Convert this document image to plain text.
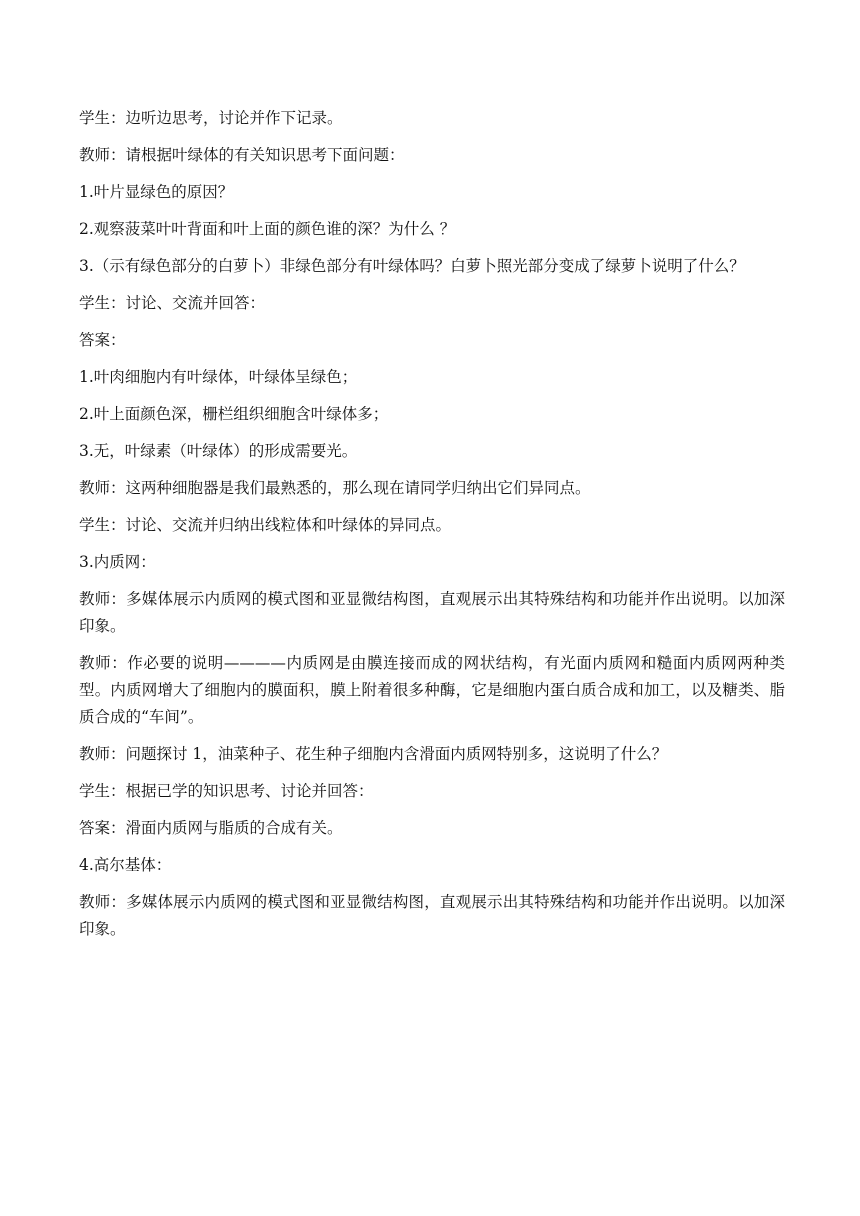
学生：边听边思考，讨论并作下记录。

教师：请根据叶绿体的有关知识思考下面问题：

1.叶片显绿色的原因？

2.观察菠菜叶叶背面和叶上面的颜色谁的深？为什么 ？

3.（示有绿色部分的白萝卜）非绿色部分有叶绿体吗？白萝卜照光部分变成了绿萝卜说明了什么？

学生：讨论、交流并回答：

答案：

1.叶肉细胞内有叶绿体，叶绿体呈绿色；

2.叶上面颜色深，栅栏组织细胞含叶绿体多；

3.无，叶绿素（叶绿体）的形成需要光。

教师：这两种细胞器是我们最熟悉的，那么现在请同学归纳出它们异同点。

学生：讨论、交流并归纳出线粒体和叶绿体的异同点。

3.内质网：

教师：多媒体展示内质网的模式图和亚显微结构图，直观展示出其特殊结构和功能并作出说明。以加深印象。

教师：作必要的说明————内质网是由膜连接而成的网状结构，有光面内质网和糙面内质网两种类型。内质网增大了细胞内的膜面积，膜上附着很多种酶，它是细胞内蛋白质合成和加工，以及糖类、脂质合成的“车间”。

教师：问题探讨 1，油菜种子、花生种子细胞内含滑面内质网特别多，这说明了什么？

学生：根据已学的知识思考、讨论并回答：

答案：滑面内质网与脂质的合成有关。

4.高尔基体：

教师：多媒体展示内质网的模式图和亚显微结构图，直观展示出其特殊结构和功能并作出说明。以加深印象。
